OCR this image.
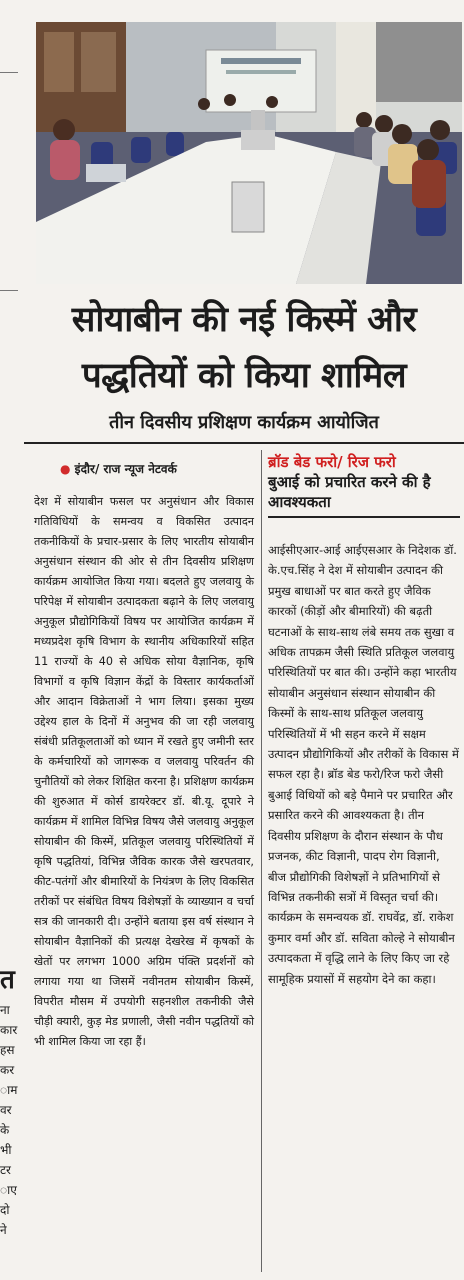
त
ना
कार
हस
कर
ाम
वर
के
भी
टर
ाए
दो
ने
सोयाबीन की नई किस्में और
पद्धतियों को किया शामिल
तीन दिवसीय प्रशिक्षण कार्यक्रम आयोजित
● इंदौर/ राज न्यूज नेटवर्क
देश में सोयाबीन फसल पर अनुसंधान और विकास गतिविधियों के समन्वय व विकसित उत्पादन तकनीकियों के प्रचार-प्रसार के लिए भारतीय सोयाबीन अनुसंधान संस्थान की ओर से तीन दिवसीय प्रशिक्षण कार्यक्रम आयोजित किया गया। बदलते हुए जलवायु के परिपेक्ष में सोयाबीन उत्पादकता बढ़ाने के लिए जलवायु अनुकूल प्रौद्योगिकियों विषय पर आयोजित कार्यक्रम में मध्यप्रदेश कृषि विभाग के स्थानीय अधिकारियों सहित 11 राज्यों के 40 से अधिक सोया वैज्ञानिक, कृषि विभागों व कृषि विज्ञान केंद्रों के विस्तार कार्यकर्ताओं और आदान विक्रेताओं ने भाग लिया। इसका मुख्य उद्देश्य हाल के दिनों में अनुभव की जा रही जलवायु संबंधी प्रतिकूलताओं को ध्यान में रखते हुए जमीनी स्तर के कर्मचारियों को जागरूक व जलवायु परिवर्तन की चुनौतियों को लेकर शिक्षित करना है। प्रशिक्षण कार्यक्रम की शुरुआत में कोर्स डायरेक्टर डॉ. बी.यू. दूपारे ने कार्यक्रम में शामिल विभिन्न विषय जैसे जलवायु अनुकूल सोयाबीन की किस्में, प्रतिकूल जलवायु परिस्थितियों में कृषि पद्धतियां, विभिन्न जैविक कारक जैसे खरपतवार, कीट-पतंगों और बीमारियों के नियंत्रण के लिए विकसित तरीकों पर संबंधित विषय विशेषज्ञों के व्याख्यान व चर्चा सत्र की जानकारी दी। उन्होंने बताया इस वर्ष संस्थान ने सोयाबीन वैज्ञानिकों की प्रत्यक्ष देखरेख में कृषकों के खेतों पर लगभग 1000 अग्रिम पंक्ति प्रदर्शनों को लगाया गया था जिसमें नवीनतम सोयाबीन किस्में, विपरीत मौसम में उपयोगी सहनशील तकनीकी जैसे चौड़ी क्यारी, कुड़ मेड प्रणाली, जैसी नवीन पद्धतियों को भी शामिल किया जा रहा हैं।
ब्रॉड बेड फरो/ रिज फरो
बुआई को प्रचारित करने की है आवश्यकता
आईसीएआर-आई आईएसआर के निदेशक डॉ. के.एच.सिंह ने देश में सोयाबीन उत्पादन की प्रमुख बाधाओं पर बात करते हुए जैविक कारकों (कीड़ों और बीमारियों) की बढ़ती घटनाओं के साथ-साथ लंबे समय तक सुखा व अधिक तापक्रम जैसी स्थिति प्रतिकूल जलवायु परिस्थितियों पर बात की। उन्होंने कहा भारतीय सोयाबीन अनुसंधान संस्थान सोयाबीन की किस्मों के साथ-साथ प्रतिकूल जलवायु परिस्थितियों में भी सहन करने में सक्षम उत्पादन प्रौद्योगिकियों और तरीकों के विकास में सफल रहा है। ब्रॉड बेड फरो/रिज फरो जैसी बुआई विधियों को बड़े पैमाने पर प्रचारित और प्रसारित करने की आवश्यकता है। तीन दिवसीय प्रशिक्षण के दौरान संस्थान के पौध प्रजनक, कीट विज्ञानी, पादप रोग विज्ञानी, बीज प्रौद्योगिकी विशेषज्ञों ने प्रतिभागियों से विभिन्न तकनीकी सत्रों में विस्तृत चर्चा की। कार्यक्रम के समन्वयक डॉ. राघवेंद्र, डॉ. राकेश कुमार वर्मा और डॉ. सविता कोल्हे ने सोयाबीन उत्पादकता में वृद्धि लाने के लिए किए जा रहे सामूहिक प्रयासों में सहयोग देने का कहा।
